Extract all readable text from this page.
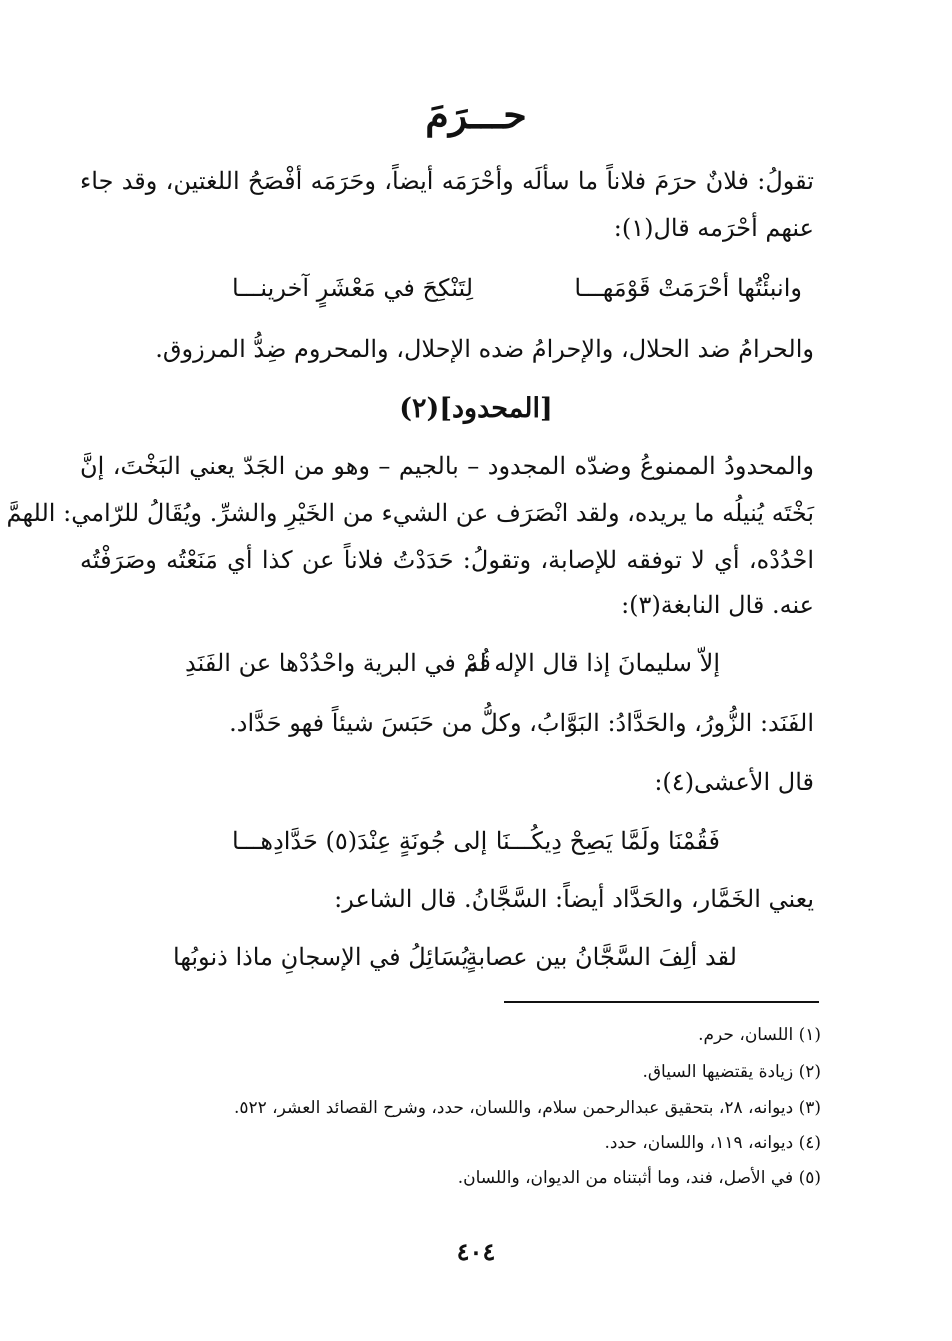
حـــرَمَ
تقولُ: فلانٌ حرَمَ فلاناً ما سألَه وأحْرَمَه أيضاً، وحَرَمَه أفْصَحُ اللغتين، وقد جاء
عنهم أحْرَمه قال(١):
وانبئْتُها أحْرَمَتْ قَوْمَهـــا
لِتَنْكِحَ في مَعْشَرٍ آخرينـــا
والحرامُ ضد الحلال، والإحرامُ ضده الإحلال، والمحروم ضِدُّ المرزوق.
[المحدود](٢)
والمحدودُ الممنوعُ وضدّه المجدود – بالجيم – وهو من الجَدّ يعني البَخْتَ، إنَّ
بَخْتَه يُنيلُه ما يريده، ولقد انْصَرَف عن الشيء من الخَيْرِ والشرِّ. ويُقَالُ للرّامي: اللهمَّ
احْدُدْه، أي لا توفقه للإصابة، وتقولُ: حَدَدْتُ فلاناً عن كذا أي مَنَعْتُه وصَرَفْتُه
عنه. قال النابغة(٣):
إلاّ سليمانَ إذا قال الإله له
قُمْ في البرية واحْدُدْها عن الفَنَدِ
الفَنَد: الزُّورُ، والحَدَّادُ: البَوَّابُ، وكلُّ من حَبَسَ شيئاً فهو حَدَّاد.
قال الأعشى(٤):
فَقُمْنَا ولَمَّا يَصِحْ دِيكُـــنَا
إلى جُونَةٍ عِنْدَ(٥) حَدَّادِهـــا
يعني الخَمَّار، والحَدَّاد أيضاً: السَّجَّانُ. قال الشاعر:
لقد ألِفَ السَّجَّانُ بين عصابةٍ
يُسَائِلُ في الإسجانِ ماذا ذنوبُها
(١) اللسان، حرم.
(٢) زيادة يقتضيها السياق.
(٣) ديوانه، ٢٨، بتحقيق عبدالرحمن سلام، واللسان، حدد، وشرح القصائد العشر، ٥٢٢.
(٤) ديوانه، ١١٩، واللسان، حدد.
(٥) في الأصل، فند، وما أثبتناه من الديوان، واللسان.
٤٠٤
